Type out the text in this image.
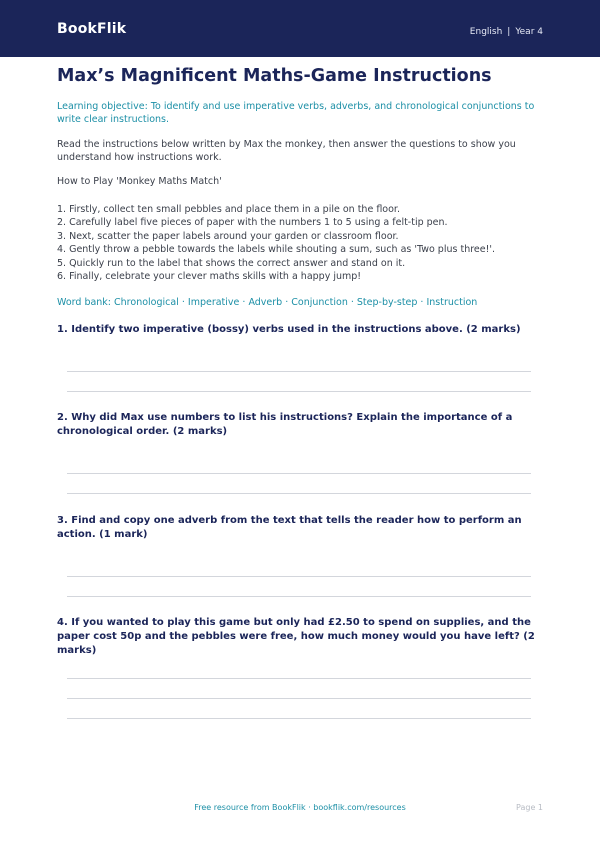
BookFlik	English | Year 4
Max’s Magnificent Maths-Game Instructions
Learning objective: To identify and use imperative verbs, adverbs, and chronological conjunctions to write clear instructions.
Read the instructions below written by Max the monkey, then answer the questions to show you understand how instructions work.
How to Play 'Monkey Maths Match'
1. Firstly, collect ten small pebbles and place them in a pile on the floor.
2. Carefully label five pieces of paper with the numbers 1 to 5 using a felt-tip pen.
3. Next, scatter the paper labels around your garden or classroom floor.
4. Gently throw a pebble towards the labels while shouting a sum, such as 'Two plus three!'.
5. Quickly run to the label that shows the correct answer and stand on it.
6. Finally, celebrate your clever maths skills with a happy jump!
Word bank: Chronological · Imperative · Adverb · Conjunction · Step-by-step · Instruction
1. Identify two imperative (bossy) verbs used in the instructions above. (2 marks)
2. Why did Max use numbers to list his instructions? Explain the importance of a chronological order. (2 marks)
3. Find and copy one adverb from the text that tells the reader how to perform an action. (1 mark)
4. If you wanted to play this game but only had £2.50 to spend on supplies, and the paper cost 50p and the pebbles were free, how much money would you have left? (2 marks)
Free resource from BookFlik · bookflik.com/resources	Page 1
